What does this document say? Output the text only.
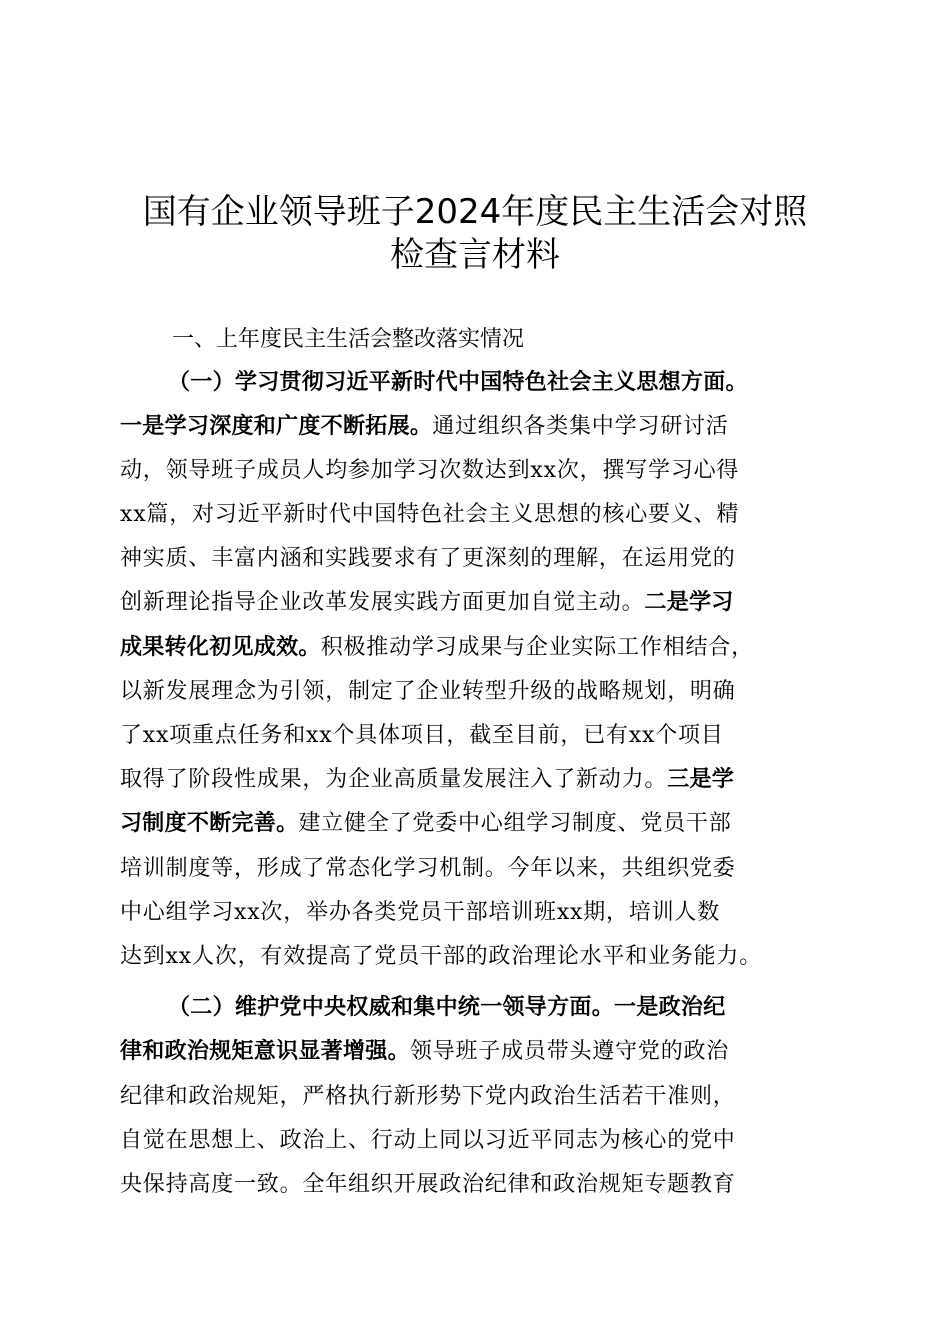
国有企业领导班子2024年度民主生活会对照
检查言材料

一、上年度民主生活会整改落实情况

（一）学习贯彻习近平新时代中国特色社会主义思想方面。

一是学习深度和广度不断拓展。通过组织各类集中学习研讨活

动，领导班子成员人均参加学习次数达到xx次，撰写学习心得

xx篇，对习近平新时代中国特色社会主义思想的核心要义、精

神实质、丰富内涵和实践要求有了更深刻的理解，在运用党的

创新理论指导企业改革发展实践方面更加自觉主动。二是学习

成果转化初见成效。积极推动学习成果与企业实际工作相结合，

以新发展理念为引领，制定了企业转型升级的战略规划，明确

了xx项重点任务和xx个具体项目，截至目前，已有xx个项目

取得了阶段性成果，为企业高质量发展注入了新动力。三是学

习制度不断完善。建立健全了党委中心组学习制度、党员干部

培训制度等，形成了常态化学习机制。今年以来，共组织党委

中心组学习xx次，举办各类党员干部培训班xx期，培训人数

达到xx人次，有效提高了党员干部的政治理论水平和业务能力。

（二）维护党中央权威和集中统一领导方面。一是政治纪

律和政治规矩意识显著增强。领导班子成员带头遵守党的政治

纪律和政治规矩，严格执行新形势下党内政治生活若干准则，

自觉在思想上、政治上、行动上同以习近平同志为核心的党中

央保持高度一致。全年组织开展政治纪律和政治规矩专题教育
